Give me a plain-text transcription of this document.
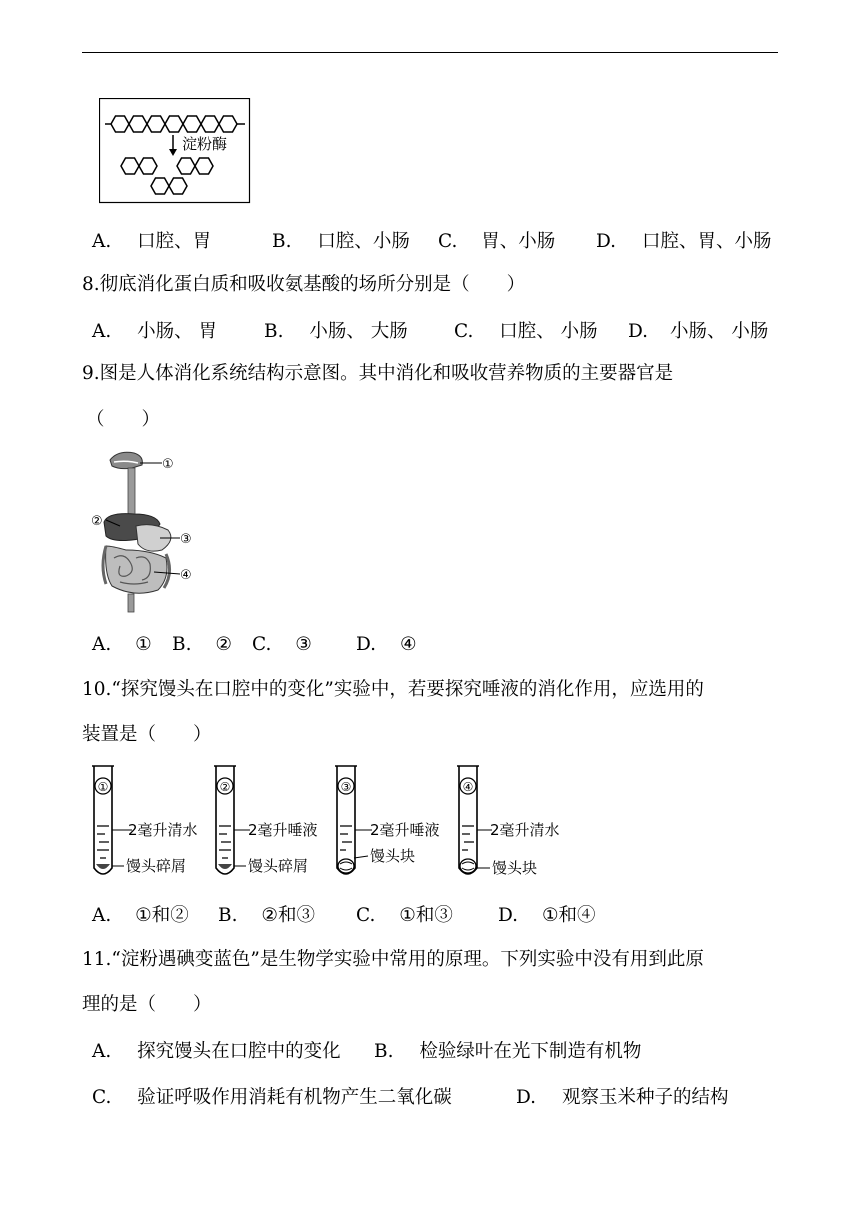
淀粉酶
A. 口腔、胃	B. 口腔、小肠 C. 胃、小肠 D. 口腔、胃、小肠
8.彻底消化蛋白质和吸收氨基酸的场所分别是（　　）
A. 小肠、 胃	B. 小肠、 大肠 C. 口腔、 小肠 D. 小肠、 小肠
9.图是人体消化系统结构示意图。其中消化和吸收营养物质的主要器官是
（　　）
①
②
③
④
A. ① B. ② C. ③ D. ④
10.“探究馒头在口腔中的变化”实验中，若要探究唾液的消化作用，应选用的
装置是（　　）
①
2毫升清水
馒头碎屑
②
2毫升唾液
馒头碎屑
③
2毫升唾液
馒头块
④
2毫升清水
馒头块
A. ①和② B. ②和③ C. ①和③ D. ①和④
11.“淀粉遇碘变蓝色”是生物学实验中常用的原理。下列实验中没有用到此原
理的是（　　）
A. 探究馒头在口腔中的变化 B. 检验绿叶在光下制造有机物
C. 验证呼吸作用消耗有机物产生二氧化碳	D. 观察玉米种子的结构
